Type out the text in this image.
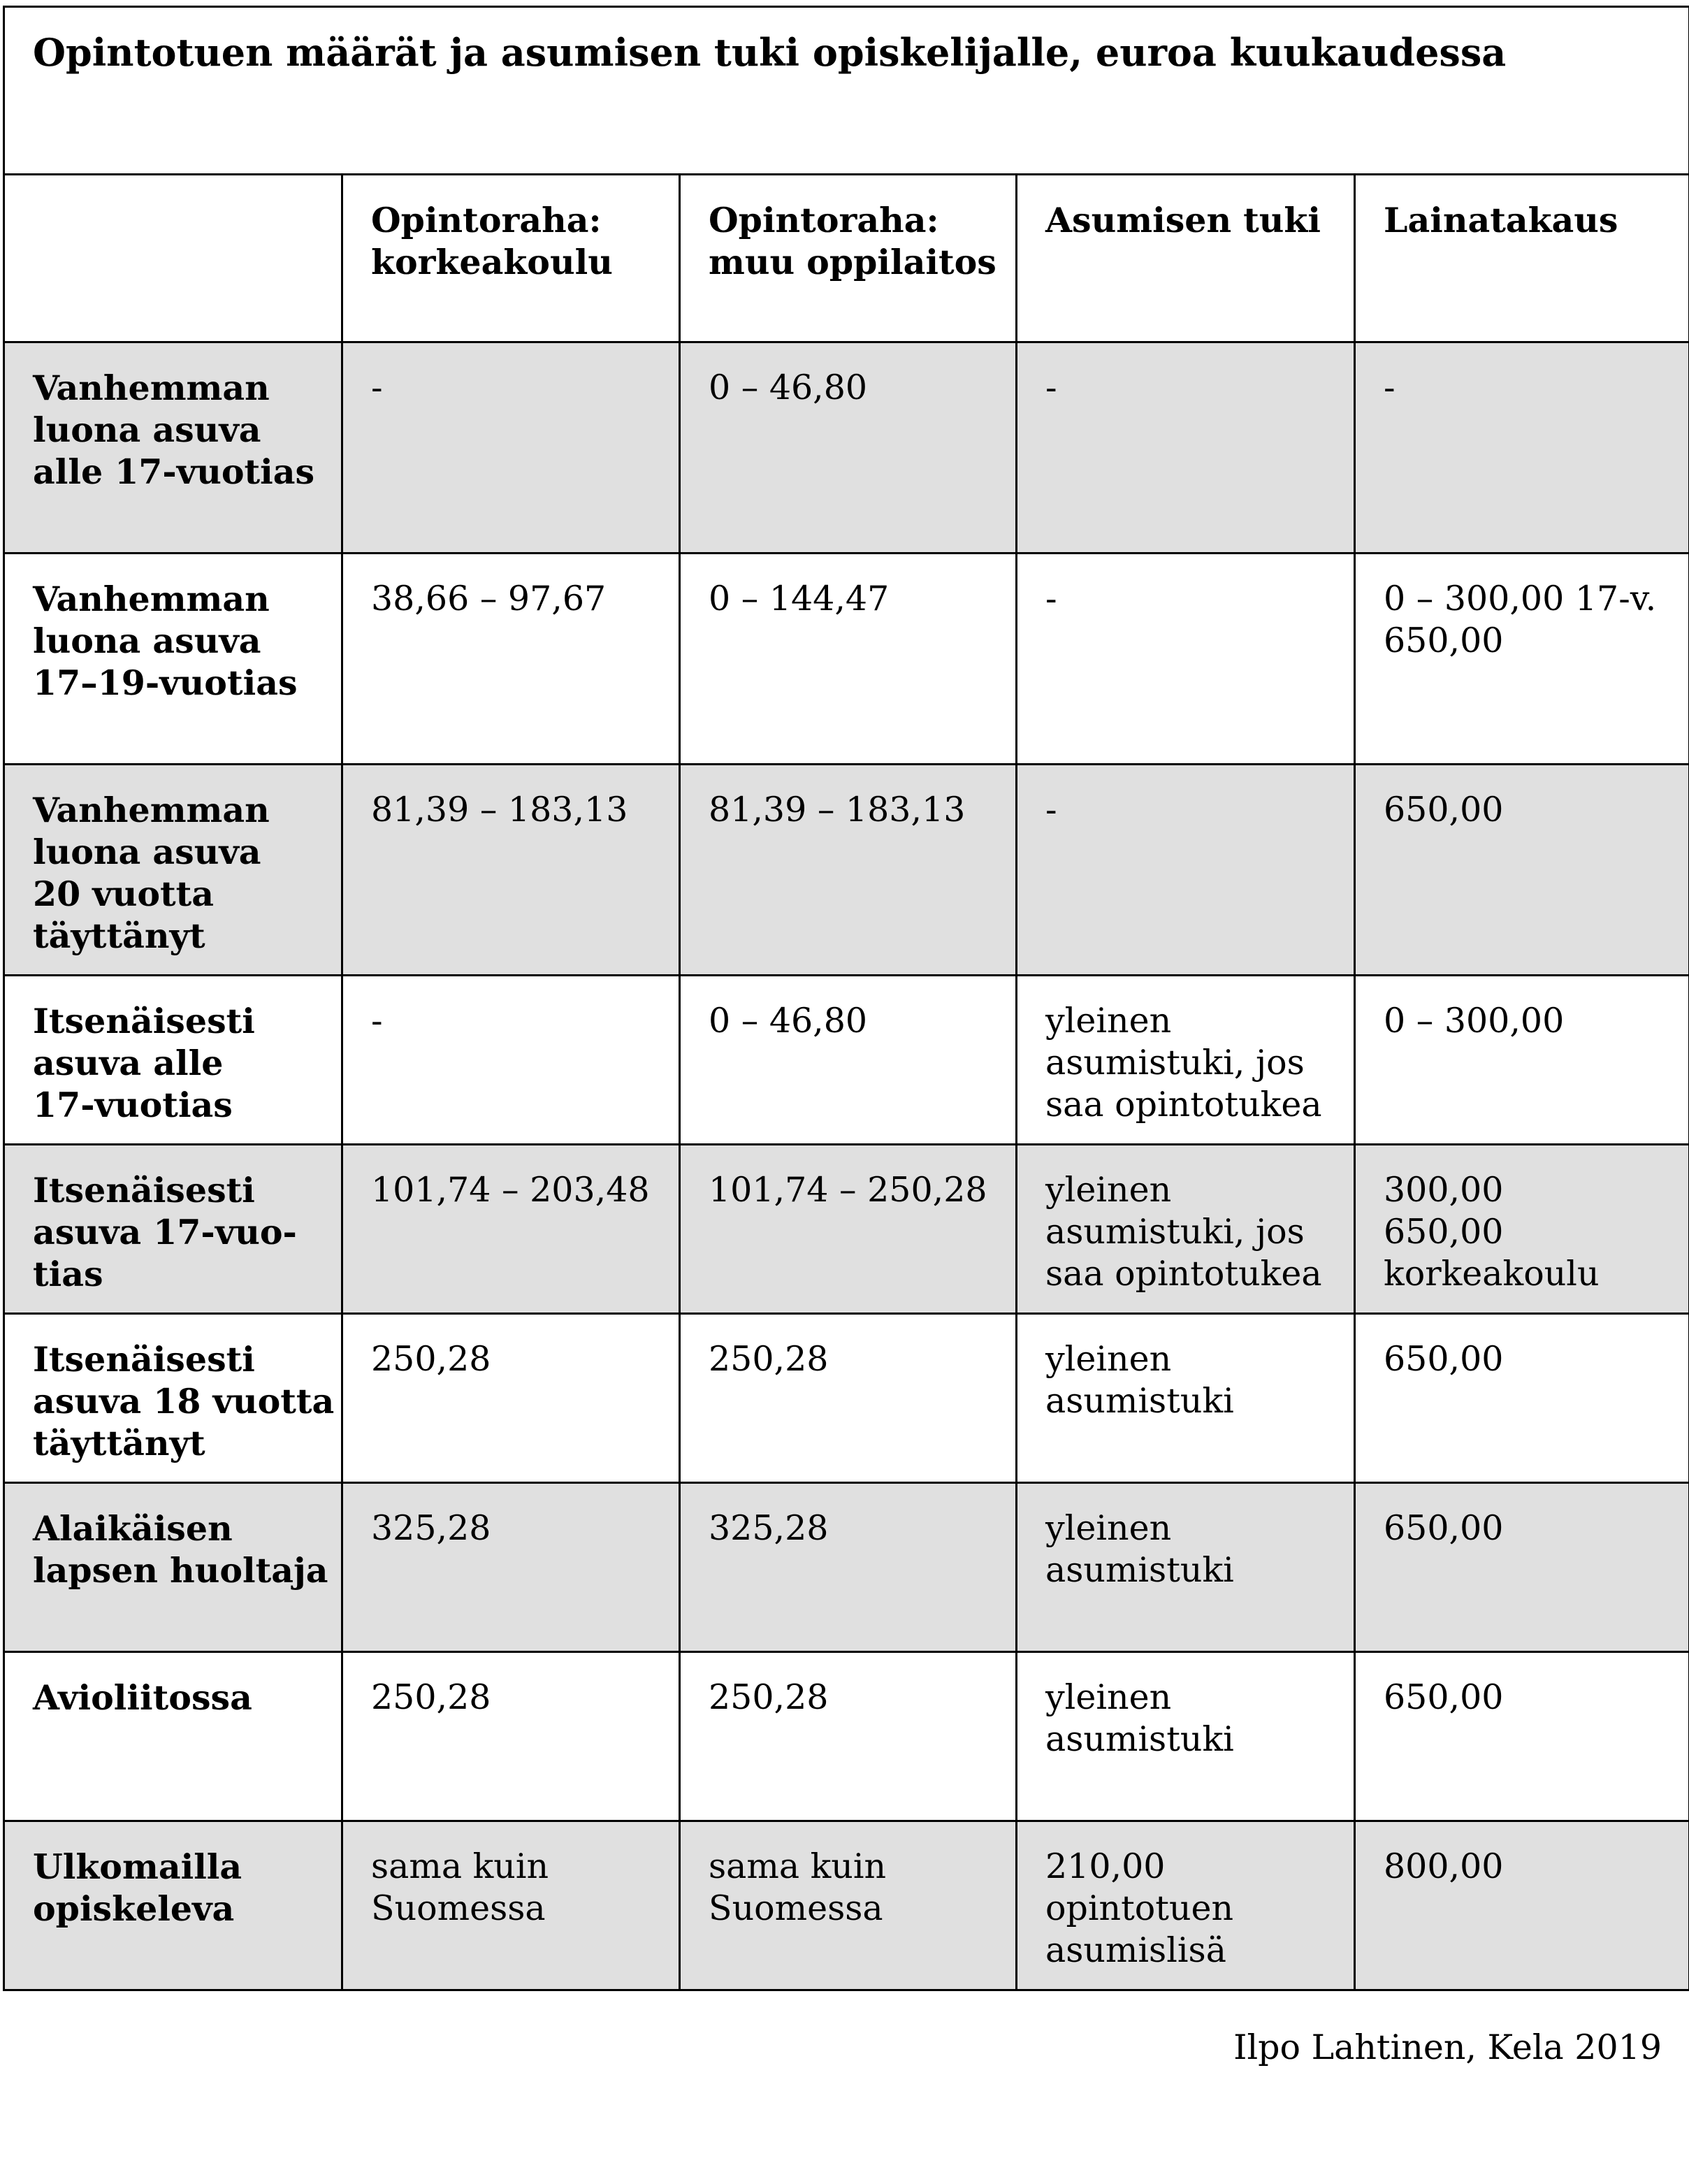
Opintotuen määrät ja asumisen tuki opiskelijalle, euroa kuukaudessa				

	Opintoraha:
korkeakoulu	Opintoraha:
muu oppilaitos	Asumisen tuki	Lainatakaus

Vanhemman
luona asuva
alle 17-vuotias	-	0 – 46,80	-	-

Vanhemman
luona asuva
17–19-vuotias	38,66 – 97,67	0 – 144,47	-	0 – 300,00 17-v.
650,00

Vanhemman
luona asuva
20 vuotta
täyttänyt	81,39 – 183,13	81,39 – 183,13	-	650,00

Itsenäisesti
asuva alle
17-vuotias	-	0 – 46,80	yleinen
asumistuki, jos
saa opintotukea	0 – 300,00

Itsenäisesti
asuva 17-vuo-
tias	101,74 – 203,48	101,74 – 250,28	yleinen
asumistuki, jos
saa opintotukea	300,00
650,00
korkeakoulu

Itsenäisesti
asuva 18 vuotta
täyttänyt	250,28	250,28	yleinen
asumistuki	650,00

Alaikäisen
lapsen huoltaja	325,28	325,28	yleinen
asumistuki	650,00

Avioliitossa	250,28	250,28	yleinen
asumistuki	650,00

Ulkomailla
opiskeleva	sama kuin
Suomessa	sama kuin
Suomessa	210,00
opintotuen
asumislisä	800,00
Ilpo Lahtinen, Kela 2019
